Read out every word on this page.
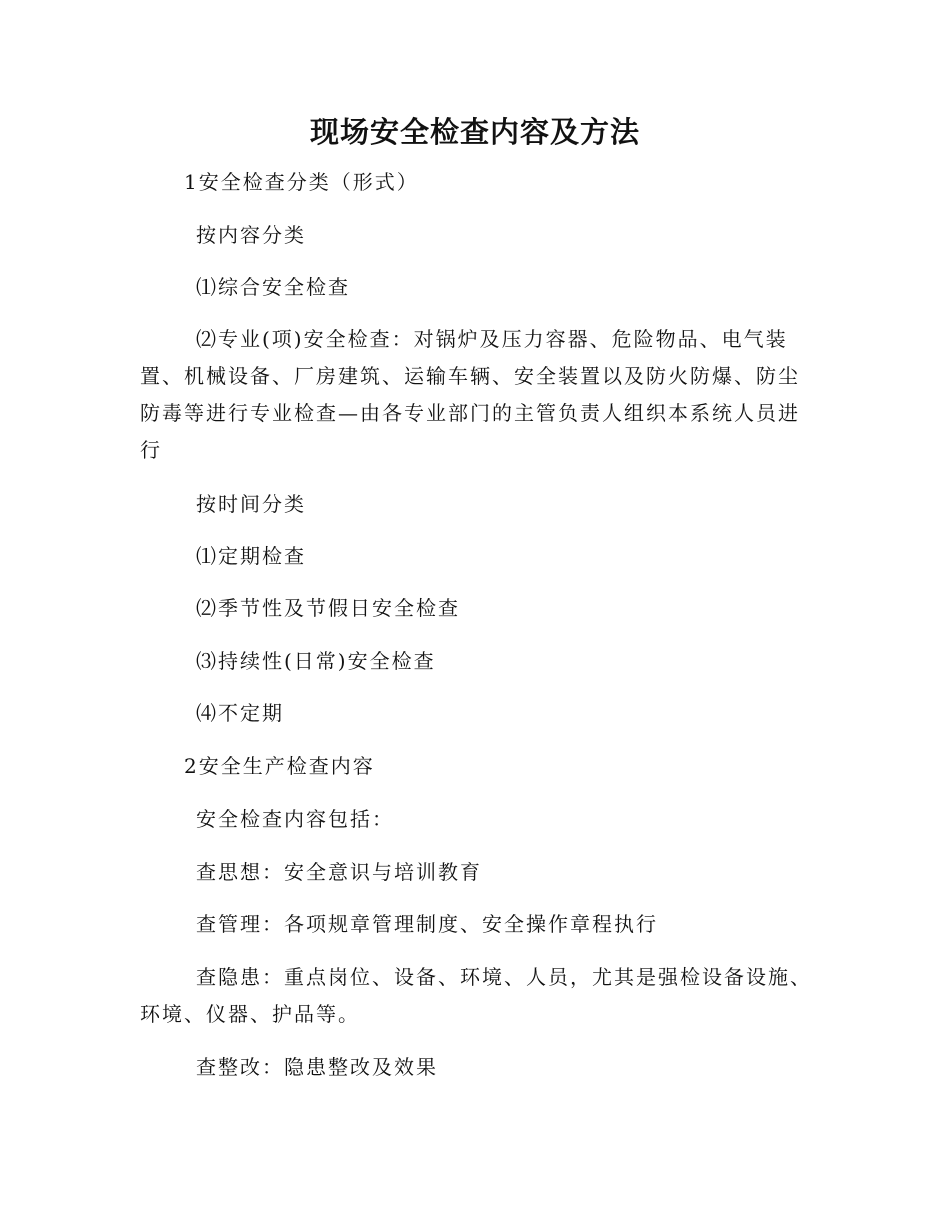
现场安全检查内容及方法

1安全检查分类（形式）

按内容分类

⑴综合安全检查

⑵专业(项)安全检查：对锅炉及压力容器、危险物品、电气装置、机械设备、厂房建筑、运输车辆、安全装置以及防火防爆、防尘防毒等进行专业检查—由各专业部门的主管负责人组织本系统人员进行

按时间分类

⑴定期检查

⑵季节性及节假日安全检查

⑶持续性(日常)安全检查

⑷不定期

2安全生产检查内容

安全检查内容包括：

查思想：安全意识与培训教育

查管理：各项规章管理制度、安全操作章程执行

查隐患：重点岗位、设备、环境、人员，尤其是强检设备设施、环境、仪器、护品等。

查整改：隐患整改及效果
